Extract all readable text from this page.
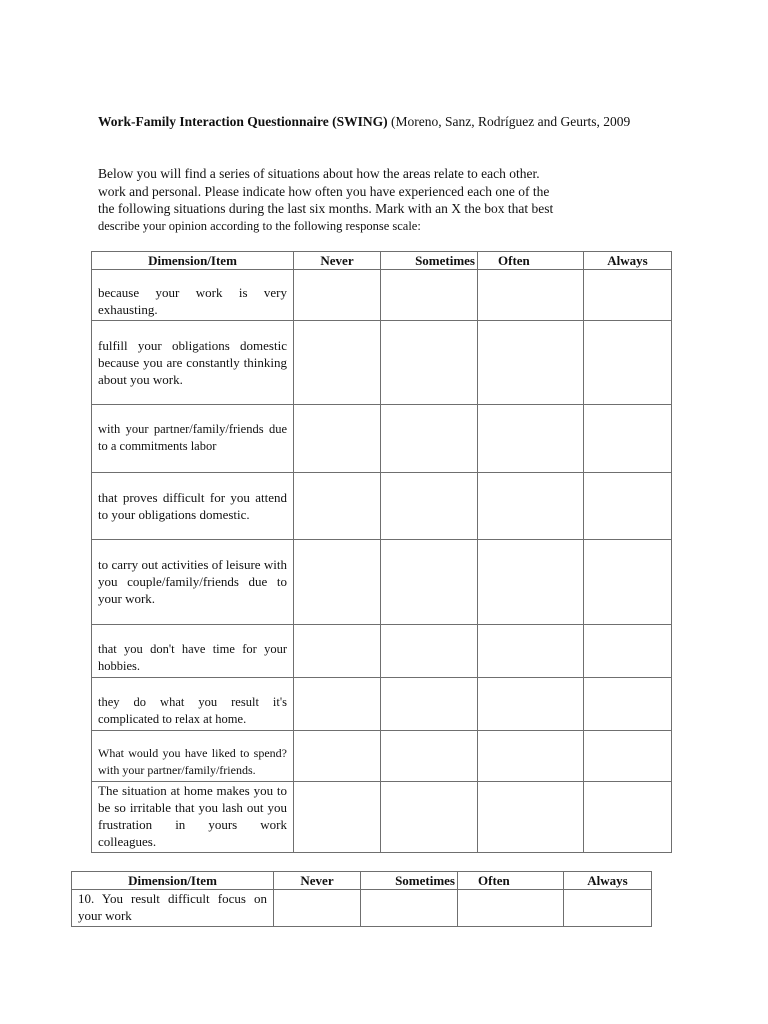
Work-Family Interaction Questionnaire (SWING) (Moreno, Sanz, Rodríguez and Geurts, 2009
Below you will find a series of situations about how the areas relate to each other.
work and personal. Please indicate how often you have experienced each one of the
the following situations during the last six months. Mark with an X the box that best
describe your opinion according to the following response scale:
Dimension/Item	Never	Sometimes	Often	Always

because your work is very exhausting.				

fulfill your obligations domestic because you are constantly thinking about you work.				

with your partner/family/friends due to a commitments labor				

that proves difficult for you attend to your obligations domestic.				

to carry out activities of leisure with you couple/family/friends due to your work.				

that you don't have time for your hobbies.				

they do what you result it's complicated to relax at home.				

What would you have liked to spend? with your partner/family/friends.				

The situation at home makes you to be so irritable that you lash out you frustration in yours work colleagues.				

Dimension/Item	Never	Sometimes	Often	Always

10. You result difficult focus on your work				
